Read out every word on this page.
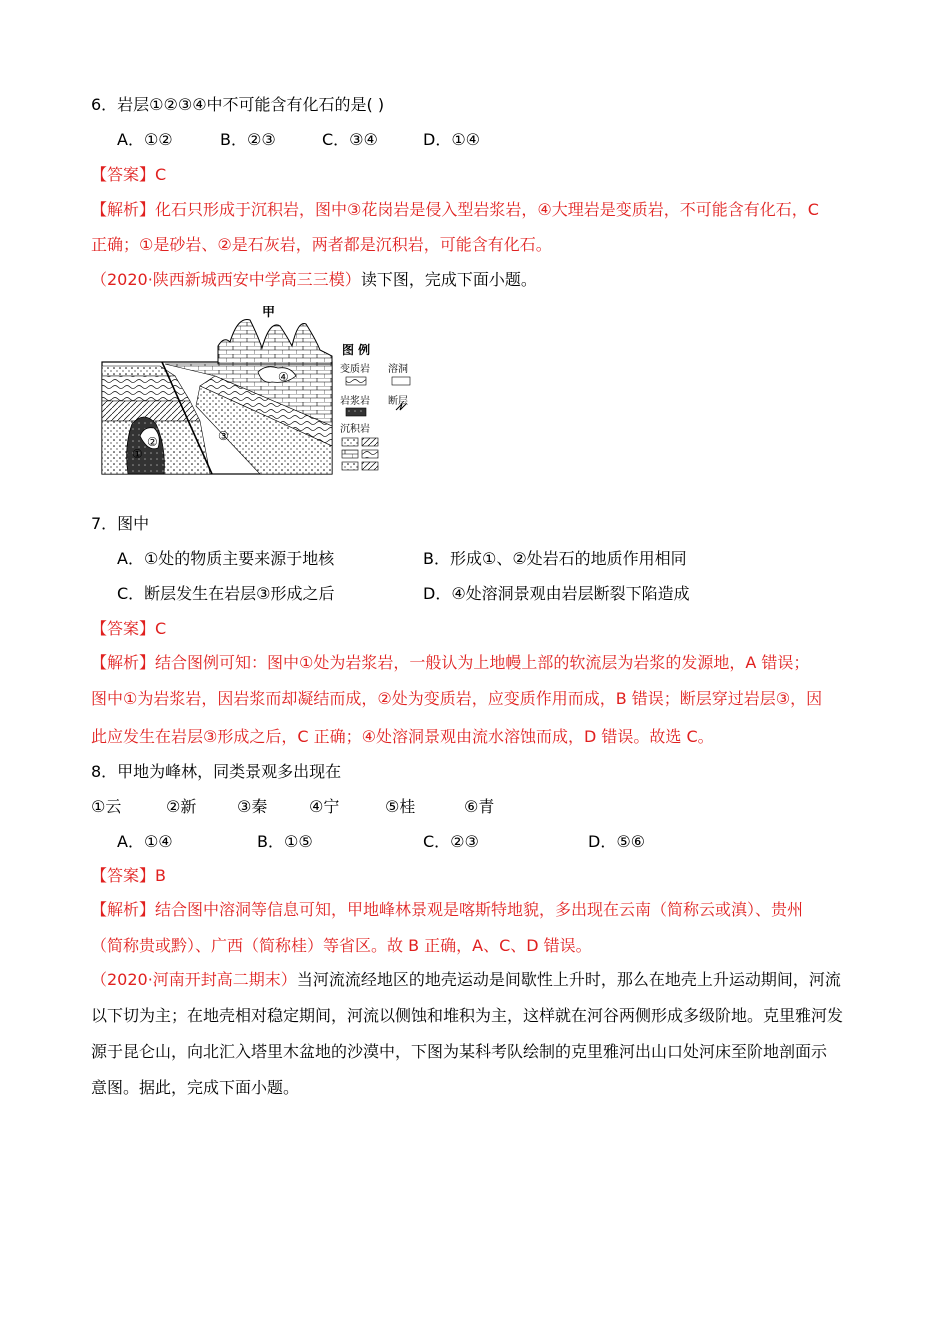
6．岩层①②③④中不可能含有化石的是( )
A．①②	B．②③	C．③④	D．①④
【答案】C
【解析】化石只形成于沉积岩，图中③花岗岩是侵入型岩浆岩，④大理岩是变质岩，不可能含有化石，C
正确；①是砂岩、②是石灰岩，两者都是沉积岩，可能含有化石。
（2020·陕西新城西安中学高三三模）读下图，完成下面小题。
甲
①
②	③
④
图 例
变质岩 溶洞
岩浆岩 断层
沉积岩
7．图中
A．①处的物质主要来源于地核	B．形成①、②处岩石的地质作用相同
C．断层发生在岩层③形成之后	D．④处溶洞景观由岩层断裂下陷造成
【答案】C
【解析】结合图例可知：图中①处为岩浆岩，一般认为上地幔上部的软流层为岩浆的发源地，A 错误；
图中①为岩浆岩，因岩浆而却凝结而成，②处为变质岩，应变质作用而成，B 错误；断层穿过岩层③，因
此应发生在岩层③形成之后，C 正确；④处溶洞景观由流水溶蚀而成，D 错误。故选 C。
8．甲地为峰林，同类景观多出现在
①云	②新	③秦	④宁	⑤桂	⑥青
A．①④	B．①⑤	C．②③	D．⑤⑥
【答案】B
【解析】结合图中溶洞等信息可知，甲地峰林景观是喀斯特地貌，多出现在云南（简称云或滇）、贵州
（简称贵或黔）、广西（简称桂）等省区。故 B 正确，A、C、D 错误。
（2020·河南开封高二期末）当河流流经地区的地壳运动是间歇性上升时，那么在地壳上升运动期间，河流
以下切为主；在地壳相对稳定期间，河流以侧蚀和堆积为主，这样就在河谷两侧形成多级阶地。克里雅河发
源于昆仑山，向北汇入塔里木盆地的沙漠中，下图为某科考队绘制的克里雅河出山口处河床至阶地剖面示
意图。据此，完成下面小题。
